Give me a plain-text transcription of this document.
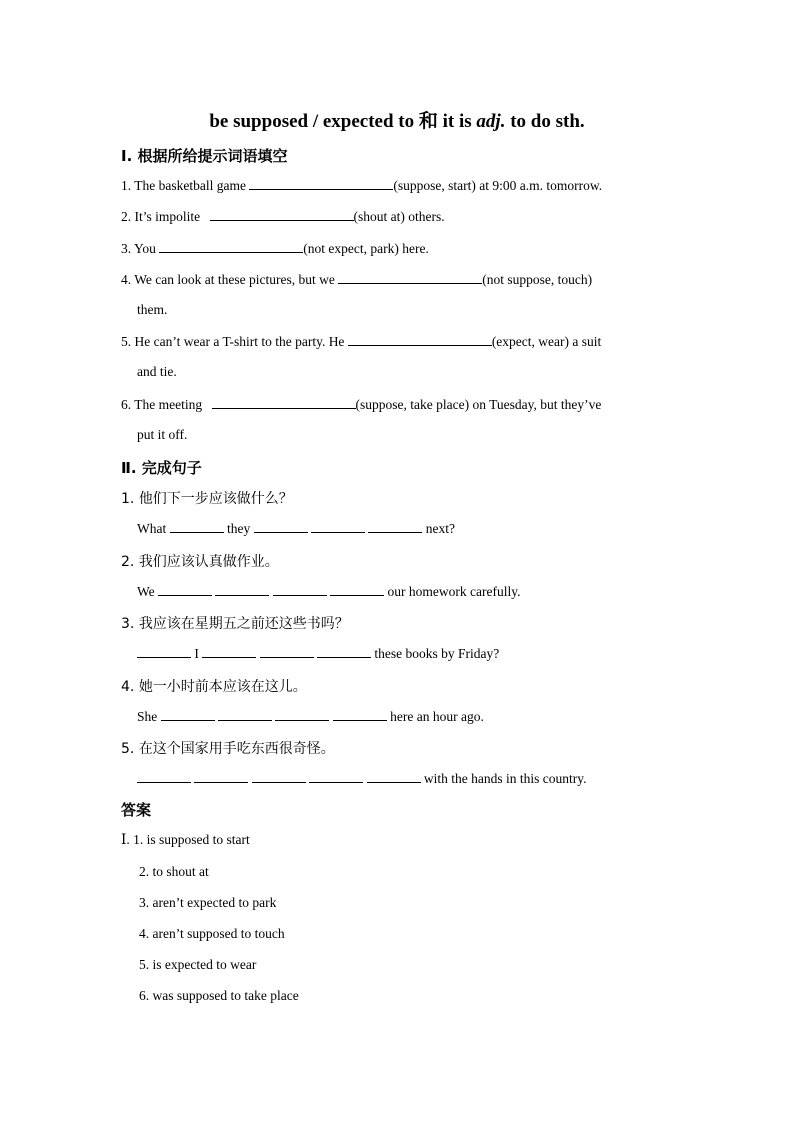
be supposed / expected to 和 it is adj. to do sth.
Ⅰ. 根据所给提示词语填空
1. The basketball game	(suppose, start) at 9:00 a.m. tomorrow.
2. It’s impolite	(shout at) others.
3. You	(not expect, park) here.
4. We can look at these pictures, but we	(not suppose, touch)
them.
5. He can’t wear a T-shirt to the party. He	(expect, wear) a suit
and tie.
6. The meeting	(suppose, take place) on Tuesday, but they’ve
put it off.
Ⅱ. 完成句子
1. 他们下一步应该做什么？
What	they	next?
2. 我们应该认真做作业。
We	our homework carefully.
3. 我应该在星期五之前还这些书吗？
I	these books by Friday?
4. 她一小时前本应该在这儿。
She	here an hour ago.
5. 在这个国家用手吃东西很奇怪。
with the hands in this country.
答案
Ⅰ. 1. is supposed to start
2. to shout at
3. aren’t expected to park
4. aren’t supposed to touch
5. is expected to wear
6. was supposed to take place
